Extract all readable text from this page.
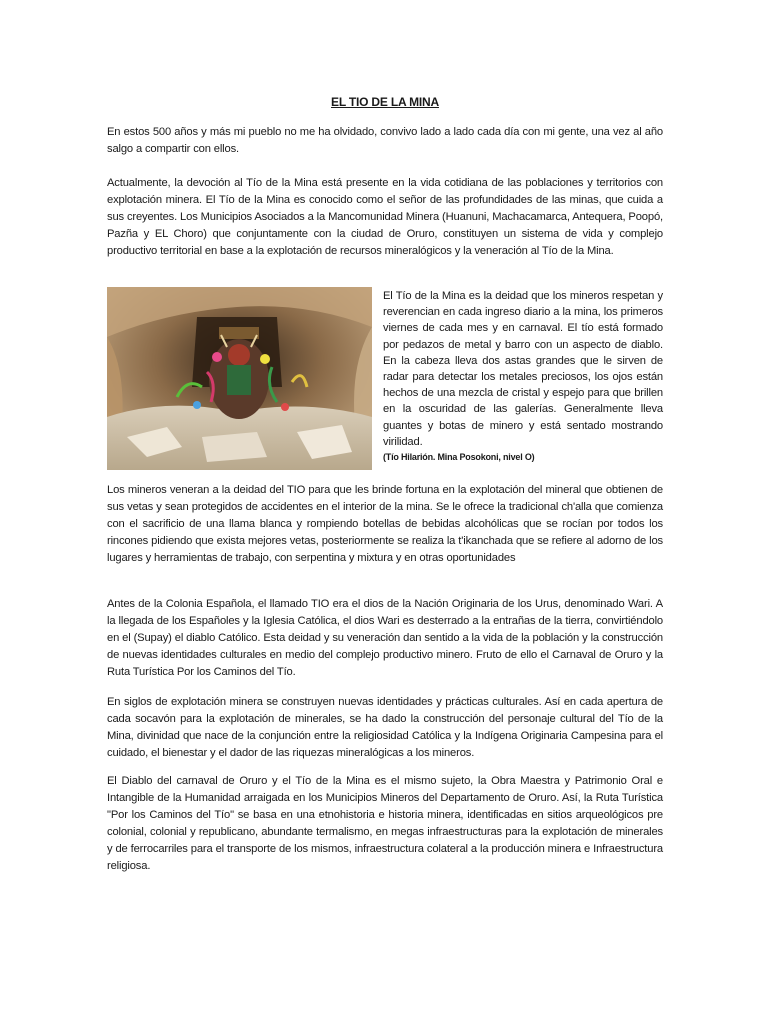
EL TIO DE LA MINA

En estos 500 años y más mi pueblo no me ha olvidado, convivo lado a lado cada día con mi gente, una vez al año salgo a compartir con ellos.

Actualmente, la devoción al Tío de la Mina está presente en la vida cotidiana de las poblaciones y territorios con explotación minera. El Tío de la Mina es conocido como el señor de las profundidades de las minas, que cuida a sus creyentes. Los Municipios Asociados a la Mancomunidad Minera (Huanuni, Machacamarca, Antequera, Poopó, Pazña y EL Choro) que conjuntamente con la ciudad de Oruro, constituyen un sistema de vida y complejo productivo territorial en base a la explotación de recursos mineralógicos y la veneración al Tío de la Mina.

El Tío de la Mina es la deidad que los mineros respetan y reverencian en cada ingreso diario a la mina, los primeros viernes de cada mes y en carnaval. El tío está formado por pedazos de metal y barro con un aspecto de diablo. En la cabeza lleva dos astas grandes que le sirven de radar para detectar los metales preciosos, los ojos están hechos de una mezcla de cristal y espejo para que brillen en la oscuridad de las galerías. Generalmente lleva guantes y botas de minero y está sentado mostrando virilidad.

(Tío Hilarión. Mina Posokoni, nivel O)

Los mineros veneran a la deidad del TIO para que les brinde fortuna en la explotación del mineral que obtienen de sus vetas y sean protegidos de accidentes en el interior de la mina. Se le ofrece la tradicional ch'alla que comienza con el sacrificio de una llama blanca y rompiendo botellas de bebidas alcohólicas que se rocían por todos los rincones pidiendo que exista mejores vetas, posteriormente se realiza la t'ikanchada que se refiere al adorno de los lugares y herramientas de trabajo, con serpentina y mixtura y en otras oportunidades

Antes de la Colonia Española, el llamado TIO era el dios de la Nación Originaria de los Urus, denominado Wari. A la llegada de los Españoles y la Iglesia Católica, el dios Wari es desterrado a la entrañas de la tierra, convirtiéndolo en el (Supay) el diablo Católico. Esta deidad y su veneración dan sentido a la vida de la población y la construcción de nuevas identidades culturales en medio del complejo productivo minero. Fruto de ello el Carnaval de Oruro y la Ruta Turística Por los Caminos del Tío.

En siglos de explotación minera se construyen nuevas identidades y prácticas culturales. Así en cada apertura de cada socavón para la explotación de minerales, se ha dado la construcción del personaje cultural del Tío de la Mina, divinidad que nace de la conjunción entre la religiosidad Católica y la Indígena Originaria Campesina para el cuidado, el bienestar y el dador de las riquezas mineralógicas a los mineros.

El Diablo del carnaval de Oruro y el Tío de la Mina es el mismo sujeto, la Obra Maestra y Patrimonio Oral e Intangible de la Humanidad arraigada en los Municipios Mineros del Departamento de Oruro. Así, la Ruta Turística "Por los Caminos del Tío" se basa en una etnohistoria e historia minera, identificadas en sitios arqueológicos pre colonial, colonial y republicano, abundante termalismo, en megas infraestructuras para la explotación de minerales y de ferrocarriles para el transporte de los mismos, infraestructura colateral a la producción minera e Infraestructura religiosa.
